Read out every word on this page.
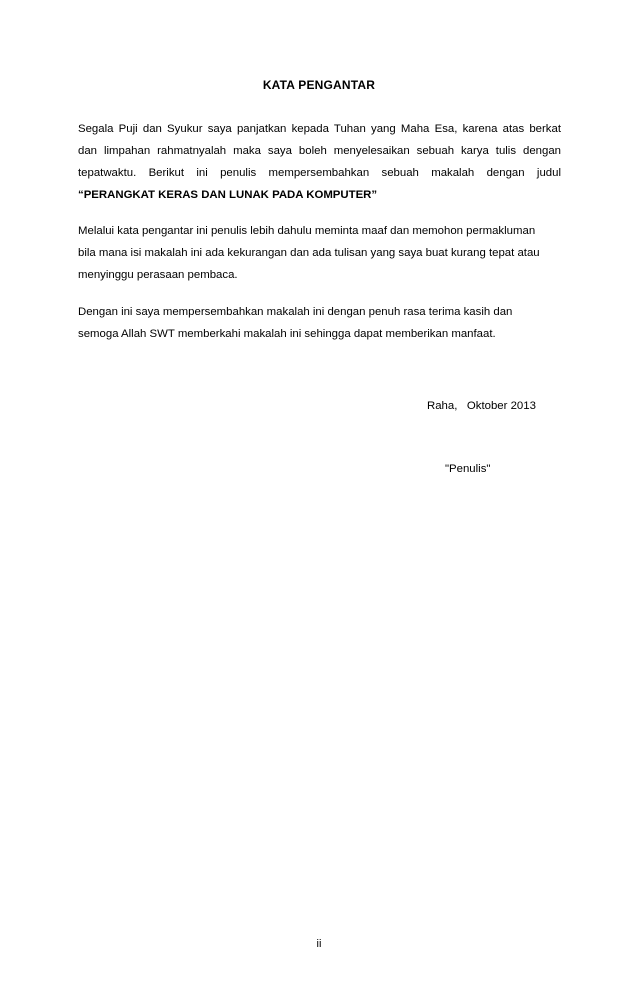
KATA PENGANTAR
Segala Puji dan Syukur saya panjatkan kepada Tuhan yang Maha Esa, karena atas berkat
dan limpahan rahmatnyalah maka saya boleh menyelesaikan sebuah karya tulis dengan
tepatwaktu. Berikut ini penulis mempersembahkan sebuah makalah dengan judul
“PERANGKAT KERAS DAN LUNAK PADA KOMPUTER”
Melalui kata pengantar ini penulis lebih dahulu meminta maaf dan memohon permakluman
bila mana isi makalah ini ada kekurangan dan ada tulisan yang saya buat kurang tepat atau
menyinggu perasaan pembaca.
Dengan ini saya mempersembahkan makalah ini dengan penuh rasa terima kasih dan
semoga Allah SWT memberkahi makalah ini sehingga dapat memberikan manfaat.
Raha,   Oktober 2013
"Penulis"
ii
